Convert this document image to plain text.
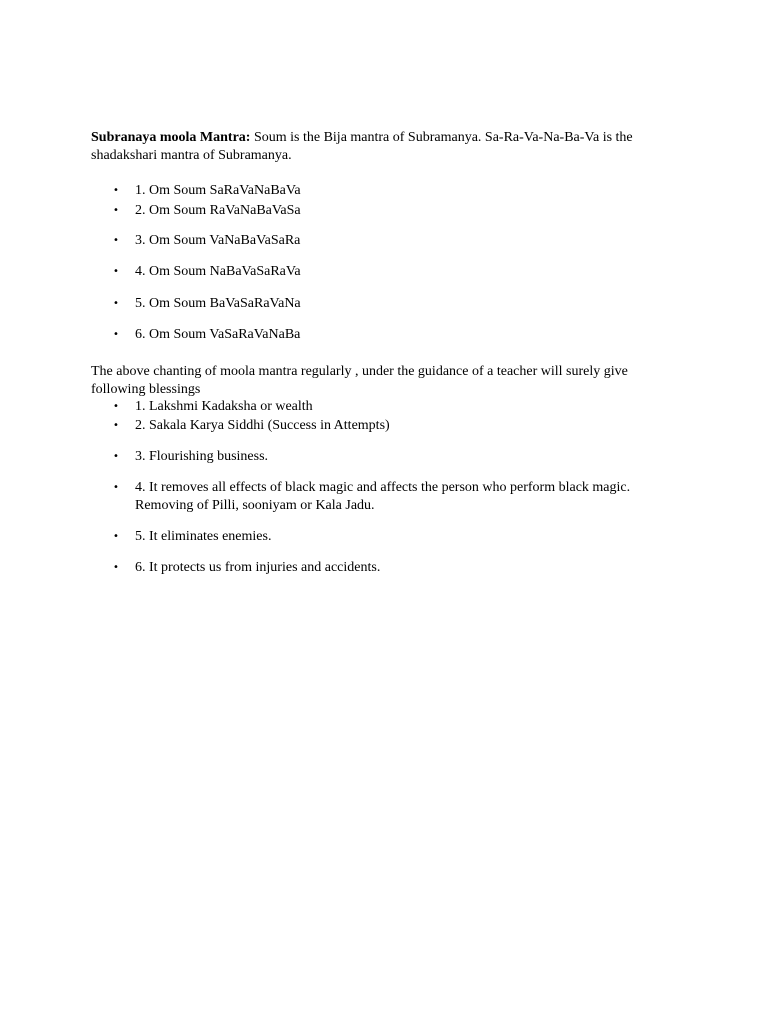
Subranaya moola Mantra: Soum is the Bija mantra of Subramanya. Sa-Ra-Va-Na-Ba-Va is the
shadakshari mantra of Subramanya.

• 1. Om Soum SaRaVaNaBaVa
• 2. Om Soum RaVaNaBaVaSa
• 3. Om Soum VaNaBaVaSaRa
• 4. Om Soum NaBaVaSaRaVa
• 5. Om Soum BaVaSaRaVaNa
• 6. Om Soum VaSaRaVaNaBa

The above chanting of moola mantra regularly , under the guidance of a teacher will surely give
following blessings

• 1. Lakshmi Kadaksha or wealth
• 2. Sakala Karya Siddhi (Success in Attempts)
• 3. Flourishing business.
• 4. It removes all effects of black magic and affects the person who perform black magic.
Removing of Pilli, sooniyam or Kala Jadu.
• 5. It eliminates enemies.
• 6. It protects us from injuries and accidents.
